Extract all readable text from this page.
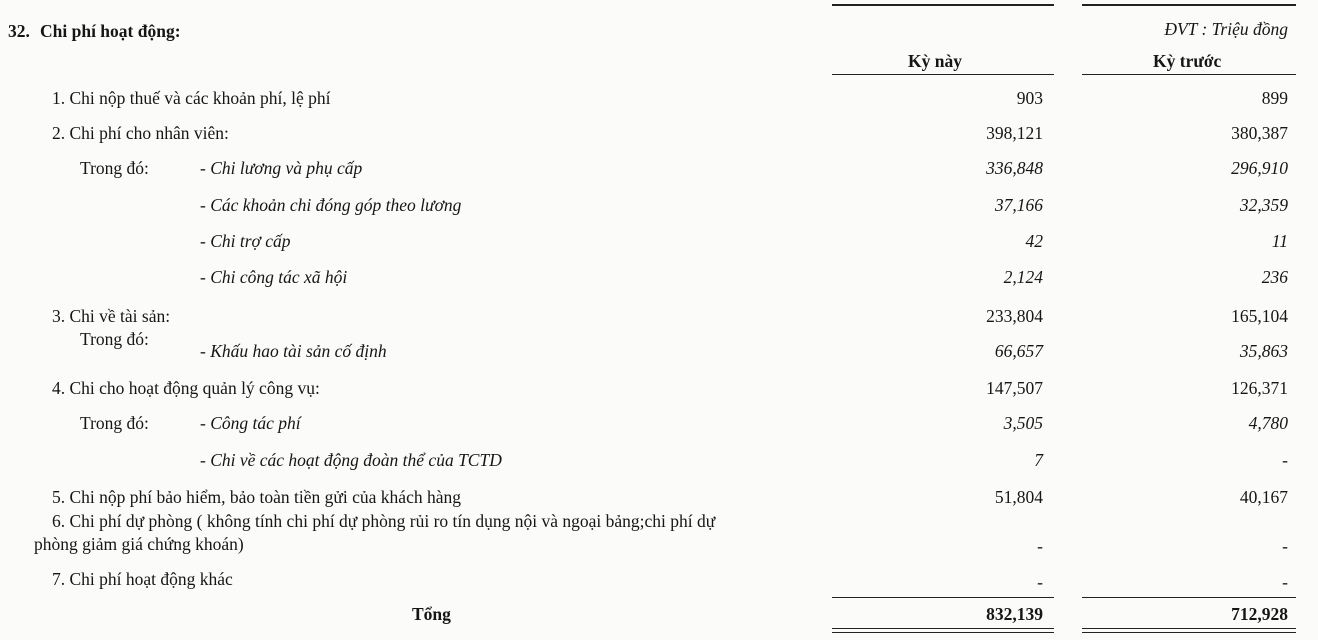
32. Chi phí hoạt động:	ĐVT : Triệu đồng
Kỳ này	Kỳ trước
1. Chi nộp thuế và các khoản phí, lệ phí	903	899
2. Chi phí cho nhân viên:	398,121	380,387
Trong đó:	- Chi lương và phụ cấp	336,848	296,910
- Các khoản chi đóng góp theo lương	37,166	32,359
- Chi trợ cấp	42	11
- Chi công tác xã hội	2,124	236
3. Chi về tài sản:	233,804	165,104
Trong đó:
- Khấu hao tài sản cố định	66,657	35,863
4. Chi cho hoạt động quản lý công vụ:	147,507	126,371
Trong đó:	- Công tác phí	3,505	4,780
- Chi về các hoạt động đoàn thể của TCTD	7	-
5. Chi nộp phí bảo hiểm, bảo toàn tiền gửi của khách hàng	51,804	40,167
6. Chi phí dự phòng ( không tính chi phí dự phòng rủi ro tín dụng nội và ngoại bảng;chi phí dự
phòng giảm giá chứng khoán)	-	-
7. Chi phí hoạt động khác	-	-
Tổng	832,139	712,928
